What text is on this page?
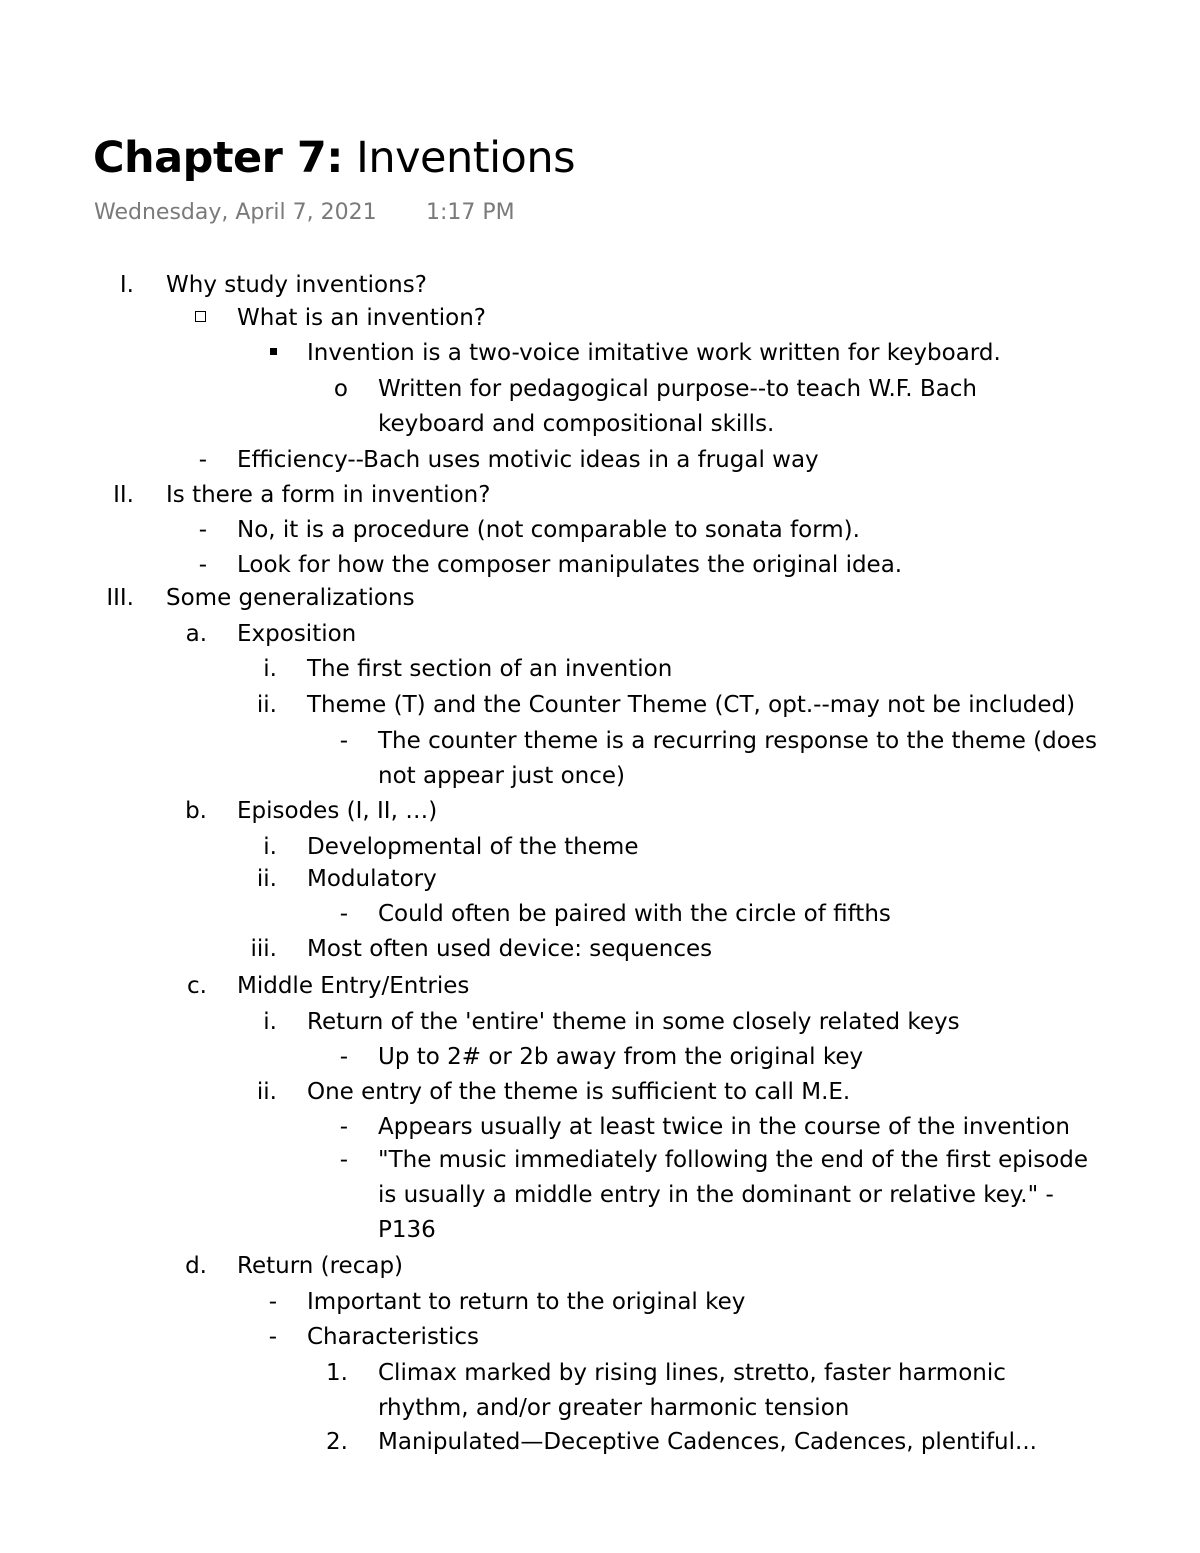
Chapter 7: Inventions
Wednesday, April 7, 2021 1:17 PM
I. Why study inventions?
What is an invention?
Invention is a two-voice imitative work written for keyboard.
o Written for pedagogical purpose--to teach W.F. Bach
keyboard and compositional skills.
- Efficiency--Bach uses motivic ideas in a frugal way
II. Is there a form in invention?
- No, it is a procedure (not comparable to sonata form).
- Look for how the composer manipulates the original idea.
III. Some generalizations
a. Exposition
i. The first section of an invention
ii. Theme (T) and the Counter Theme (CT, opt.--may not be included)
- The counter theme is a recurring response to the theme (does
not appear just once)
b. Episodes (I, II, …)
i. Developmental of the theme
ii. Modulatory
- Could often be paired with the circle of fifths
iii. Most often used device: sequences
c. Middle Entry/Entries
i. Return of the 'entire' theme in some closely related keys
- Up to 2# or 2b away from the original key
ii. One entry of the theme is sufficient to call M.E.
- Appears usually at least twice in the course of the invention
- "The music immediately following the end of the first episode
is usually a middle entry in the dominant or relative key." -
P136
d. Return (recap)
- Important to return to the original key
- Characteristics
1. Climax marked by rising lines, stretto, faster harmonic
rhythm, and/or greater harmonic tension
2. Manipulated—Deceptive Cadences, Cadences, plentiful...
